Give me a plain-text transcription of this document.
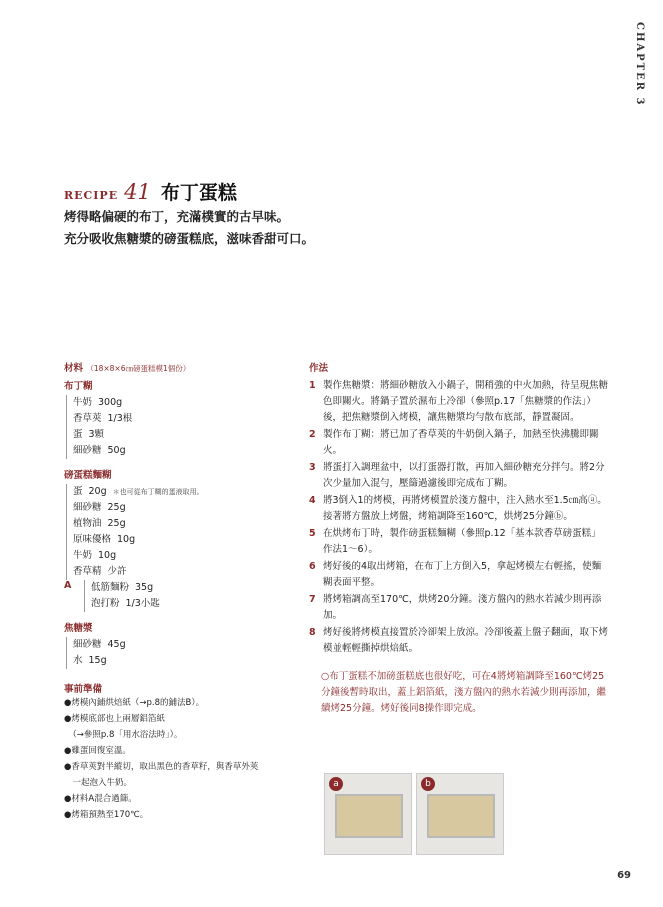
CHAPTER 3
RECIPE 41 布丁蛋糕
烤得略偏硬的布丁，充滿樸實的古早味。
充分吸收焦糖漿的磅蛋糕底，滋味香甜可口。
材料 （18×8×6㎝磅蛋糕模1個份）
布丁糊
牛奶 300g
香草莢 1/3根
蛋 3顆
細砂糖 50g
磅蛋糕麵糊
蛋 20g ＊也可從布丁糊的蛋液取用。
細砂糖 25g
植物油 25g
原味優格 10g
牛奶 10g
香草精 少許
A	低筋麵粉 35g
泡打粉 1/3小匙
焦糖漿
細砂糖 45g
水 15g
事前準備
●烤模內鋪烘焙紙（→p.8的鋪法B）。
●烤模底部也上兩層鋁箔紙
　（→參照p.8「用水浴法時」）。
●雞蛋回復室溫。
●香草莢對半縱切，取出黑色的香草籽，與香草外莢
　一起泡入牛奶。
●材料A混合過篩。
●烤箱預熱至170℃。
作法
1 製作焦糖漿：將細砂糖放入小鍋子，開稍強的中火加熱，待呈現焦糖色即關火。將鍋子置於濕布上冷卻（參照p.17「焦糖漿的作法」）後，把焦糖漿倒入烤模，讓焦糖漿均勻散布底部，靜置凝固。
2 製作布丁糊：將已加了香草莢的牛奶倒入鍋子，加熱至快沸騰即關火。
3 將蛋打入調理盆中，以打蛋器打散，再加入細砂糖充分拌勻。將2分次少量加入混勻，壓篩過濾後即完成布丁糊。
4 將3倒入1的烤模，再將烤模置於淺方盤中，注入熱水至1.5㎝高ⓐ。接著將方盤放上烤盤，烤箱調降至160℃，烘烤25分鐘ⓑ。
5 在烘烤布丁時，製作磅蛋糕麵糊（參照p.12「基本款香草磅蛋糕」作法1～6）。
6 烤好後的4取出烤箱，在布丁上方倒入5，拿起烤模左右輕搖，使麵糊表面平整。
7 將烤箱調高至170℃，烘烤20分鐘。淺方盤內的熱水若減少則再添加。
8 烤好後將烤模直接置於冷卻架上放涼。冷卻後蓋上盤子翻面，取下烤模並輕輕撕掉烘焙紙。
○布丁蛋糕不加磅蛋糕底也很好吃，可在4將烤箱調降至160℃烤25分鐘後暫時取出，蓋上鋁箔紙，淺方盤內的熱水若減少則再添加，繼續烤25分鐘。烤好後同8操作即完成。
a	b
69
